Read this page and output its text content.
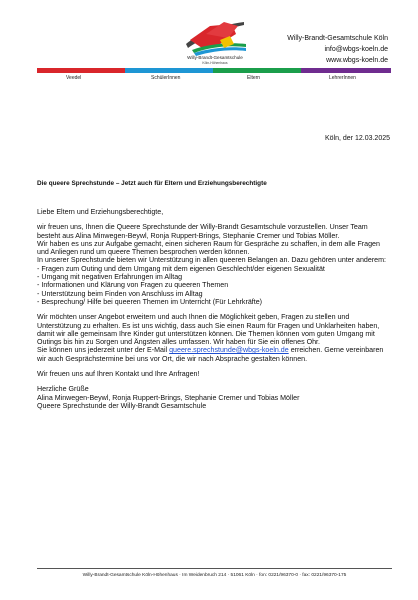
Willy-Brandt-Gesamtschule
Köln-Höhenhaus
Willy-Brandt-Gesamtschule Köln
info@wbgs-koeln.de
www.wbgs-koeln.de
Veedel	SchülerInnen	Eltern	LehrerInnen
Köln, der 12.03.2025
Die queere Sprechstunde – Jetzt auch für Eltern und Erziehungsberechtigte

Liebe Eltern und Erziehungsberechtigte,

wir freuen uns, Ihnen die Queere Sprechstunde der Willy-Brandt Gesamtschule vorzustellen. Unser Team besteht aus Alina Minwegen-Beywl, Ronja Ruppert-Brings, Stephanie Cremer und Tobias Möller.
Wir haben es uns zur Aufgabe gemacht, einen sicheren Raum für Gespräche zu schaffen, in dem alle Fragen und Anliegen rund um queere Themen besprochen werden können.
In unserer Sprechstunde bieten wir Unterstützung in allen queeren Belangen an. Dazu gehören unter anderem:
- Fragen zum Outing und dem Umgang mit dem eigenen Geschlecht/der eigenen Sexualität
- Umgang mit negativen Erfahrungen im Alltag
- Informationen und Klärung von Fragen zu queeren Themen
- Unterstützung beim Finden von Anschluss im Alltag
- Besprechung/ Hilfe bei queeren Themen im Unterricht (Für Lehrkräfte)
Wir möchten unser Angebot erweitern und auch Ihnen die Möglichkeit geben, Fragen zu stellen und Unterstützung zu erhalten. Es ist uns wichtig, dass auch Sie einen Raum für Fragen und Unklarheiten haben, damit wir alle gemeinsam Ihre Kinder gut unterstützen können. Die Themen können vom guten Umgang mit Outings bis hin zu Sorgen und Ängsten alles umfassen. Wir haben für Sie ein offenes Ohr.

Sie können uns jederzeit unter der E-Mail queere.sprechstunde@wbgs-koeln.de erreichen. Gerne vereinbaren wir auch Gesprächstermine bei uns vor Ort, die wir nach Absprache gestalten können.

Wir freuen uns auf Ihren Kontakt und Ihre Anfragen!

Herzliche Grüße
Alina Minwegen-Beywl, Ronja Ruppert-Brings, Stephanie Cremer und Tobias Möller
Queere Sprechstunde der Willy-Brandt Gesamtschule
Willy-Brandt-Gesamtschule Köln-Höhenhaus · Im Weidenbruch 214 · 51061 Köln · fon: 0221/96370-0 · fax: 0221/96370-175
